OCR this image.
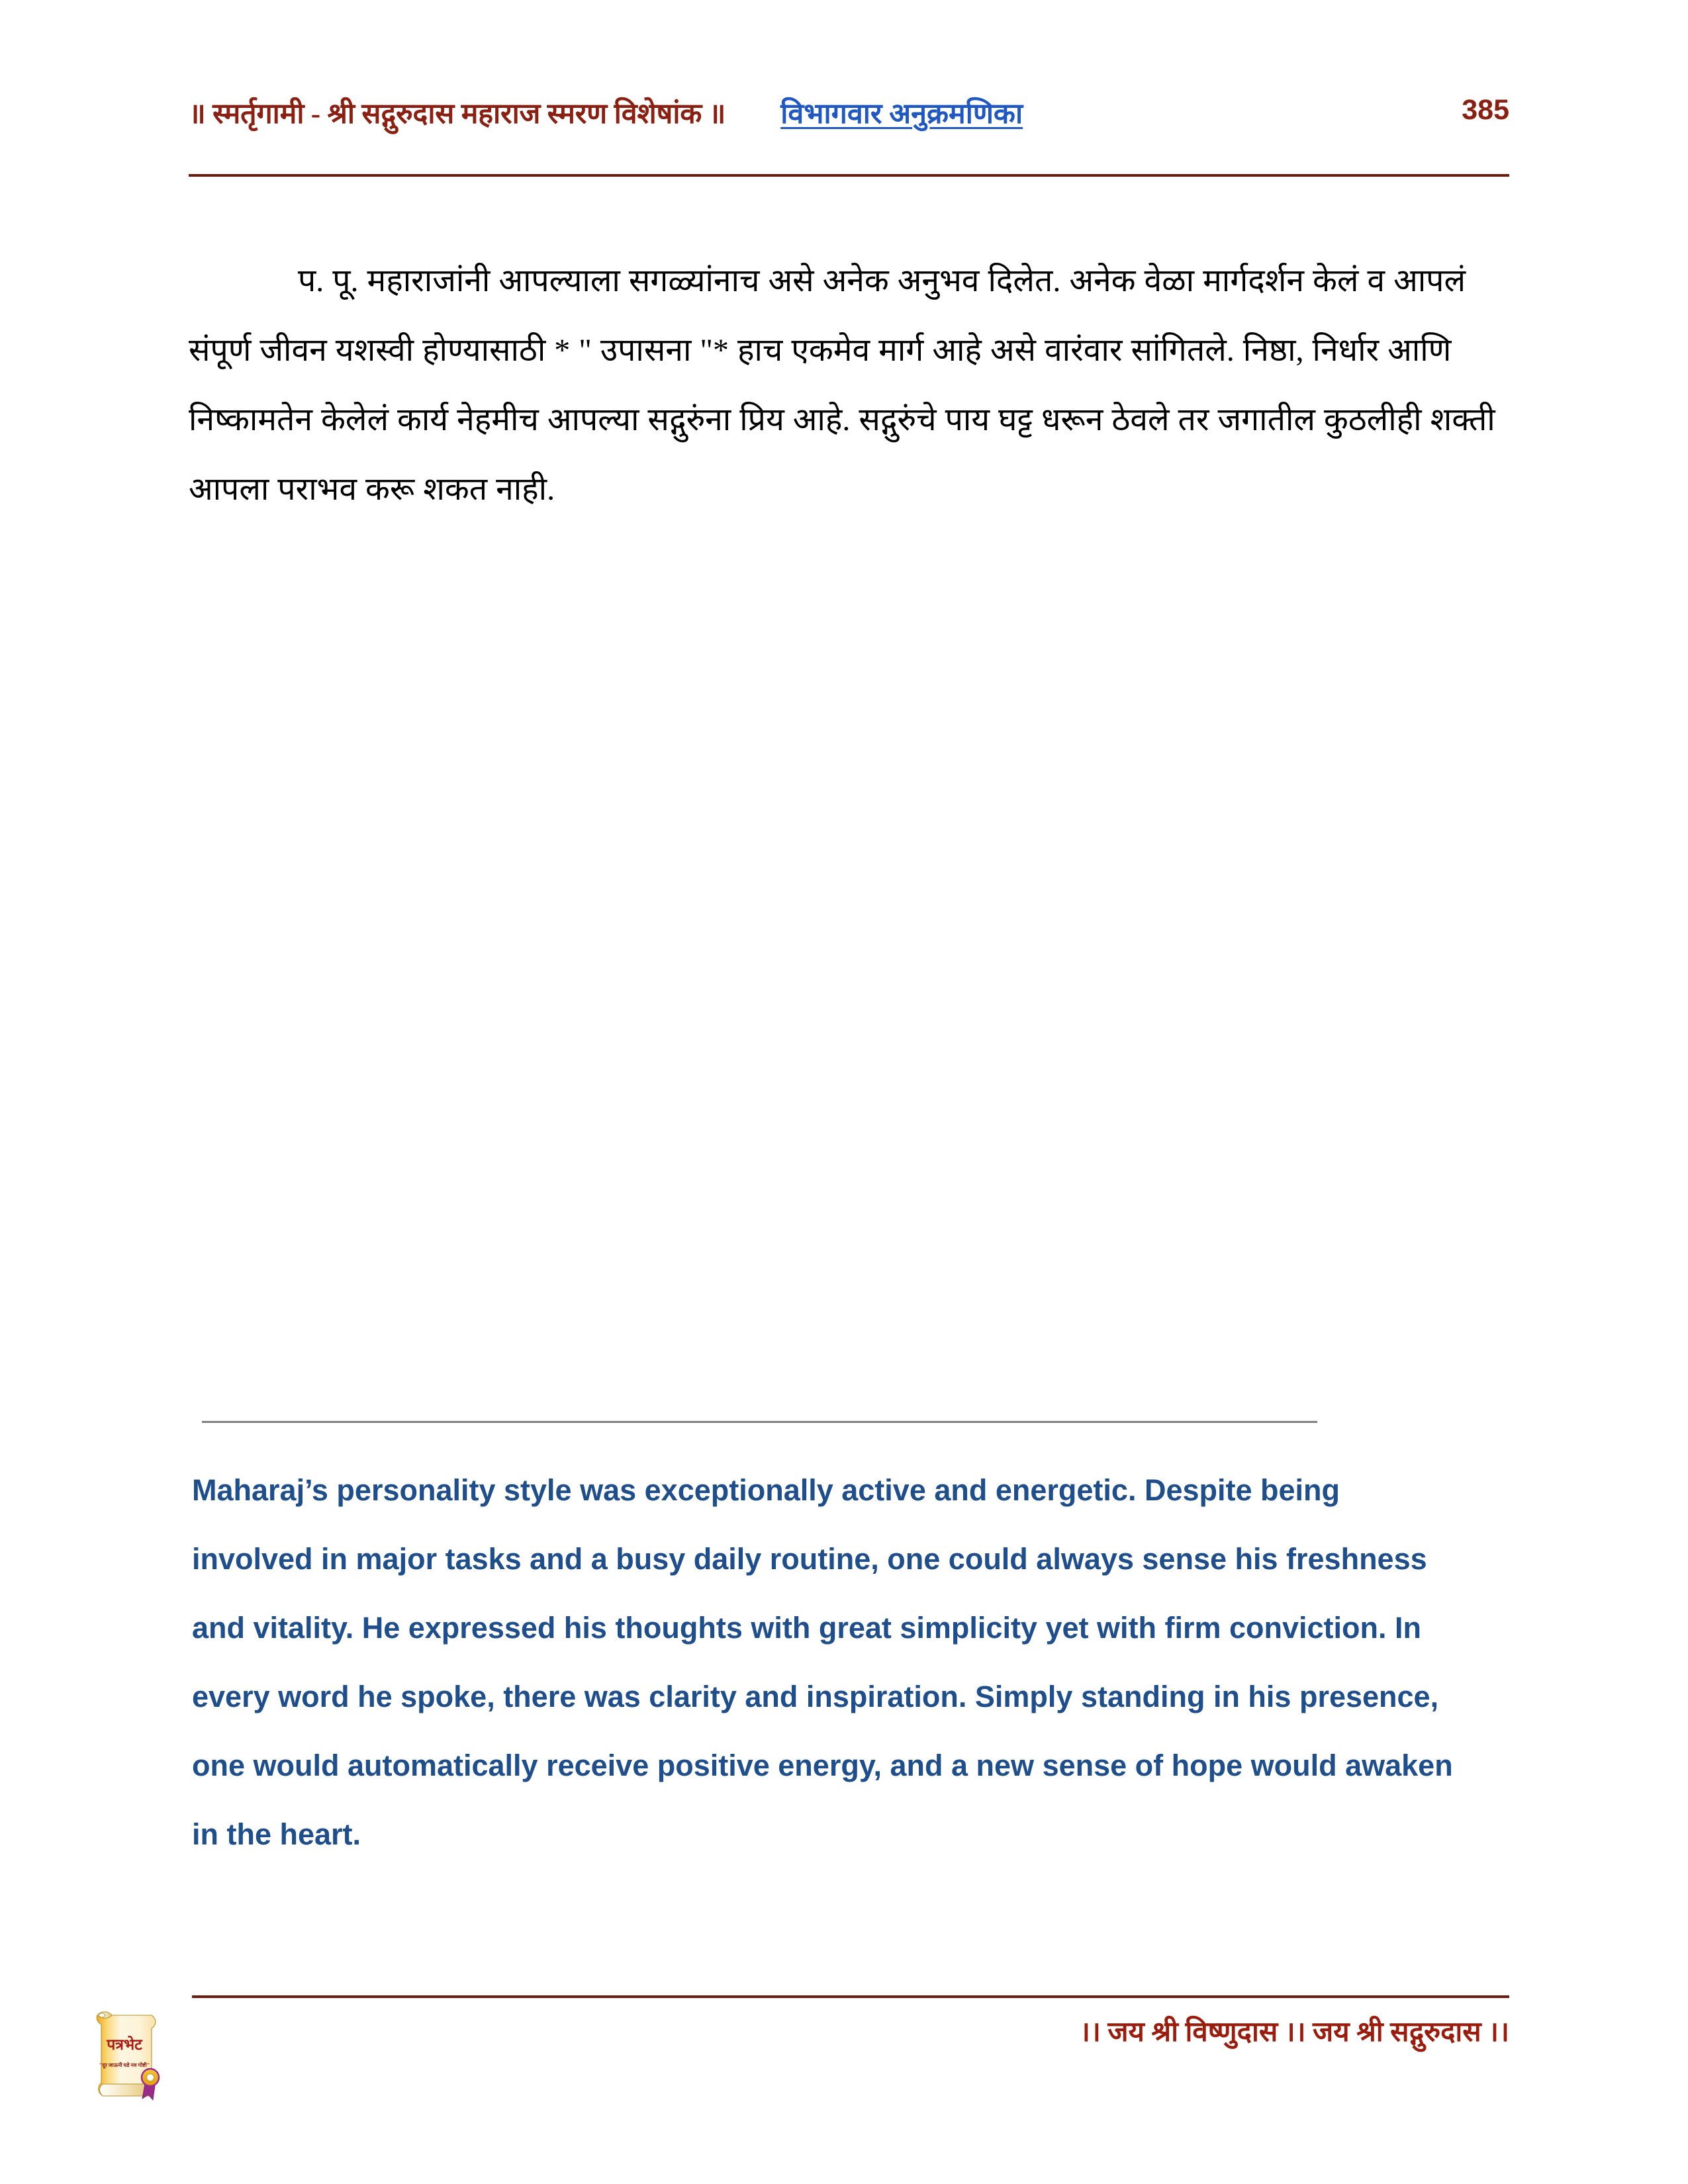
॥ स्मर्तृगामी - श्री सद्गुरुदास महाराज स्मरण विशेषांक ॥ विभागवार अनुक्रमणिका	385

प. पू. महाराजांनी आपल्याला सगळ्यांनाच असे अनेक अनुभव दिलेत. अनेक वेळा मार्गदर्शन केलं व आपलं संपूर्ण जीवन यशस्वी होण्यासाठी * " उपासना "* हाच एकमेव मार्ग आहे असे वारंवार सांगितले. निष्ठा, निर्धार आणि निष्कामतेन केलेलं कार्य नेहमीच आपल्या सद्गुरुंना प्रिय आहे. सद्गुरुंचे पाय घट्ट धरून ठेवले तर जगातील कुठलीही शक्ती आपला पराभव करू शकत नाही.

Maharaj’s personality style was exceptionally active and energetic. Despite being involved in major tasks and a busy daily routine, one could always sense his freshness and vitality. He expressed his thoughts with great simplicity yet with firm conviction. In every word he spoke, there was clarity and inspiration. Simply standing in his presence, one would automatically receive positive energy, and a new sense of hope would awaken in the heart.

।। जय श्री विष्णुदास ।। जय श्री सद्गुरुदास ।।
पत्रभेट
"दूर जाऊनी घडे नव गोष्टी"
